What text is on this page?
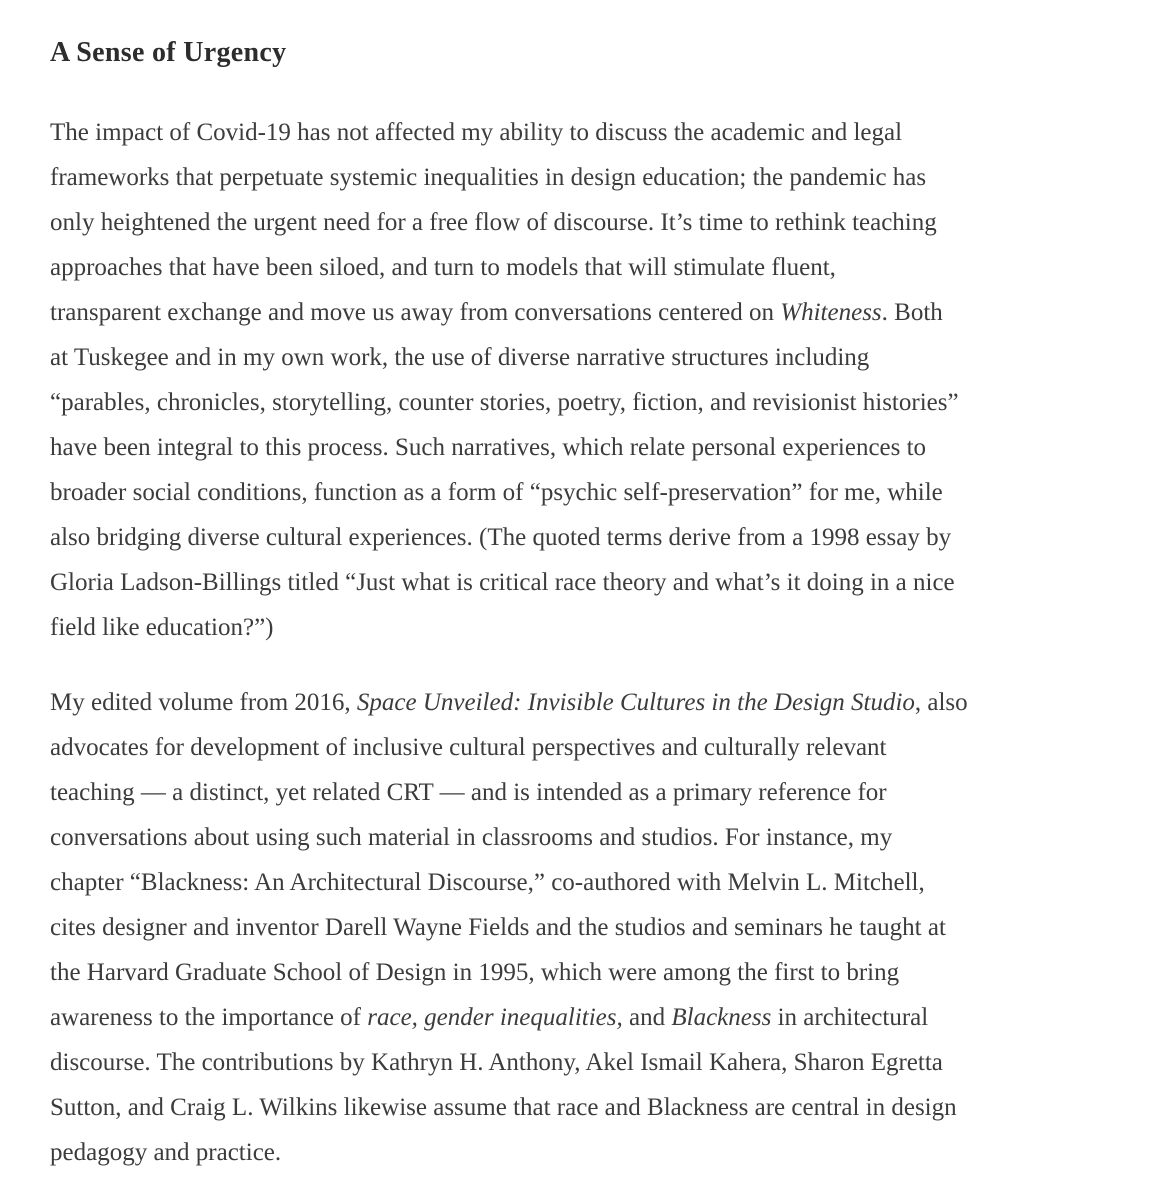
A Sense of Urgency
The impact of Covid-19 has not affected my ability to discuss the academic and legal
frameworks that perpetuate systemic inequalities in design education; the pandemic has
only heightened the urgent need for a free flow of discourse. It’s time to rethink teaching
approaches that have been siloed, and turn to models that will stimulate fluent,
transparent exchange and move us away from conversations centered on Whiteness. Both
at Tuskegee and in my own work, the use of diverse narrative structures including
“parables, chronicles, storytelling, counter stories, poetry, fiction, and revisionist histories”
have been integral to this process. Such narratives, which relate personal experiences to
broader social conditions, function as a form of “psychic self-preservation” for me, while
also bridging diverse cultural experiences. (The quoted terms derive from a 1998 essay by
Gloria Ladson-Billings titled “Just what is critical race theory and what’s it doing in a nice
field like education?”)
My edited volume from 2016, Space Unveiled: Invisible Cultures in the Design Studio, also
advocates for development of inclusive cultural perspectives and culturally relevant
teaching — a distinct, yet related CRT — and is intended as a primary reference for
conversations about using such material in classrooms and studios. For instance, my
chapter “Blackness: An Architectural Discourse,” co-authored with Melvin L. Mitchell,
cites designer and inventor Darell Wayne Fields and the studios and seminars he taught at
the Harvard Graduate School of Design in 1995, which were among the first to bring
awareness to the importance of race, gender inequalities, and Blackness in architectural
discourse. The contributions by Kathryn H. Anthony, Akel Ismail Kahera, Sharon Egretta
Sutton, and Craig L. Wilkins likewise assume that race and Blackness are central in design
pedagogy and practice.
